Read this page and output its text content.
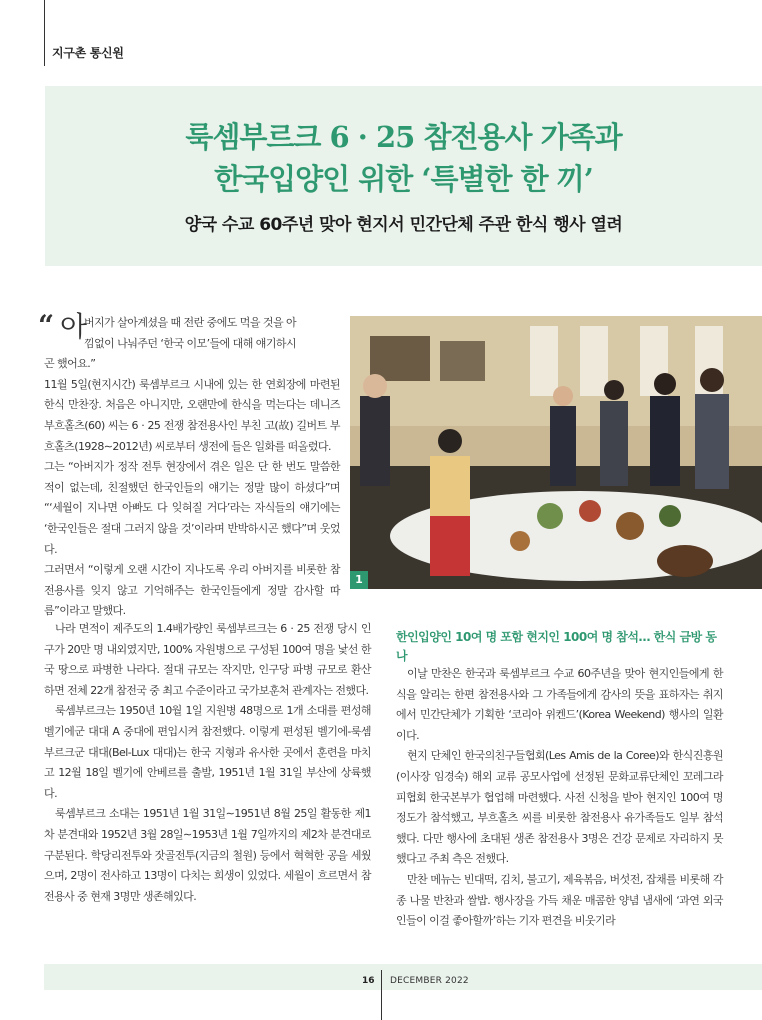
지구촌 통신원
룩셈부르크 6 · 25 참전용사 가족과
한국입양인 위한 ‘특별한 한 끼’
양국 수교 60주년 맞아 현지서 민간단체 주관 한식 행사 열려
“ 아

버지가 살아계셨을 때 전란 중에도 먹을 것을 아

낌없이 나눠주던 ‘한국 이모’들에 대해 얘기하시

곤 했어요.”

11월 5일(현지시간) 룩셈부르크 시내에 있는 한 연회장에 마련된 한식 만찬장. 처음은 아니지만, 오랜만에 한식을 먹는다는 데니즈 부흐홀츠(60) 씨는 6 · 25 전쟁 참전용사인 부친 고(故) 길버트 부흐홀츠(1928∼2012년) 씨로부터 생전에 들은 일화를 떠올렸다.

그는 “아버지가 정작 전투 현장에서 겪은 일은 단 한 번도 말씀한 적이 없는데, 친절했던 한국인들의 얘기는 정말 많이 하셨다”며 “‘세월이 지나면 아빠도 다 잊혀질 거다’라는 자식들의 얘기에는 ‘한국인들은 절대 그러지 않을 것’이라며 반박하시곤 했다”며 웃었다.

그러면서 “이렇게 오랜 시간이 지나도록 우리 아버지를 비롯한 참전용사를 잊지 않고 기억해주는 한국인들에게 정말 감사할 따름”이라고 말했다.

1

나라 면적이 제주도의 1.4배가량인 룩셈부르크는 6 · 25 전쟁 당시 인구가 20만 명 내외였지만, 100% 자원병으로 구성된 100여 명을 낯선 한국 땅으로 파병한 나라다. 절대 규모는 작지만, 인구당 파병 규모로 환산하면 전체 22개 참전국 중 최고 수준이라고 국가보훈처 관계자는 전했다.

룩셈부르크는 1950년 10월 1일 지원병 48명으로 1개 소대를 편성해 벨기에군 대대 A 중대에 편입시켜 참전했다. 이렇게 편성된 벨기에-룩셈부르크군 대대(Bel-Lux 대대)는 한국 지형과 유사한 곳에서 훈련을 마치고 12월 18일 벨기에 안베르를 출발, 1951년 1월 31일 부산에 상륙했다.

룩셈부르크 소대는 1951년 1월 31일∼1951년 8월 25일 활동한 제1차 분견대와 1952년 3월 28일∼1953년 1월 7일까지의 제2차 분견대로 구분된다. 학당리전투와 잣골전투(지금의 철원) 등에서 혁혁한 공을 세웠으며, 2명이 전사하고 13명이 다치는 희생이 있었다. 세월이 흐르면서 참전용사 중 현재 3명만 생존해있다.

한인입양인 10여 명 포함 현지인 100여 명 참석… 한식 금방 동나

이날 만찬은 한국과 룩셈부르크 수교 60주년을 맞아 현지인들에게 한식을 알리는 한편 참전용사와 그 가족들에게 감사의 뜻을 표하자는 취지에서 민간단체가 기획한 ‘코리아 위켄드’(Korea Weekend) 행사의 일환이다.

현지 단체인 한국의친구들협회(Les Amis de la Coree)와 한식진흥원(이사장 임경숙) 해외 교류 공모사업에 선정된 문화교류단체인 꼬레그라피협회 한국본부가 협업해 마련했다. 사전 신청을 받아 현지인 100여 명 정도가 참석했고, 부흐홀츠 씨를 비롯한 참전용사 유가족들도 일부 참석했다. 다만 행사에 초대된 생존 참전용사 3명은 건강 문제로 자리하지 못했다고 주최 측은 전했다.

만찬 메뉴는 빈대떡, 김치, 불고기, 제육볶음, 버섯전, 잡채를 비롯해 각종 나물 반찬과 쌀밥. 행사장을 가득 채운 매콤한 양념 냄새에 ‘과연 외국인들이 이걸 좋아할까’하는 기자 편견을 비웃기라

16 DECEMBER 2022
